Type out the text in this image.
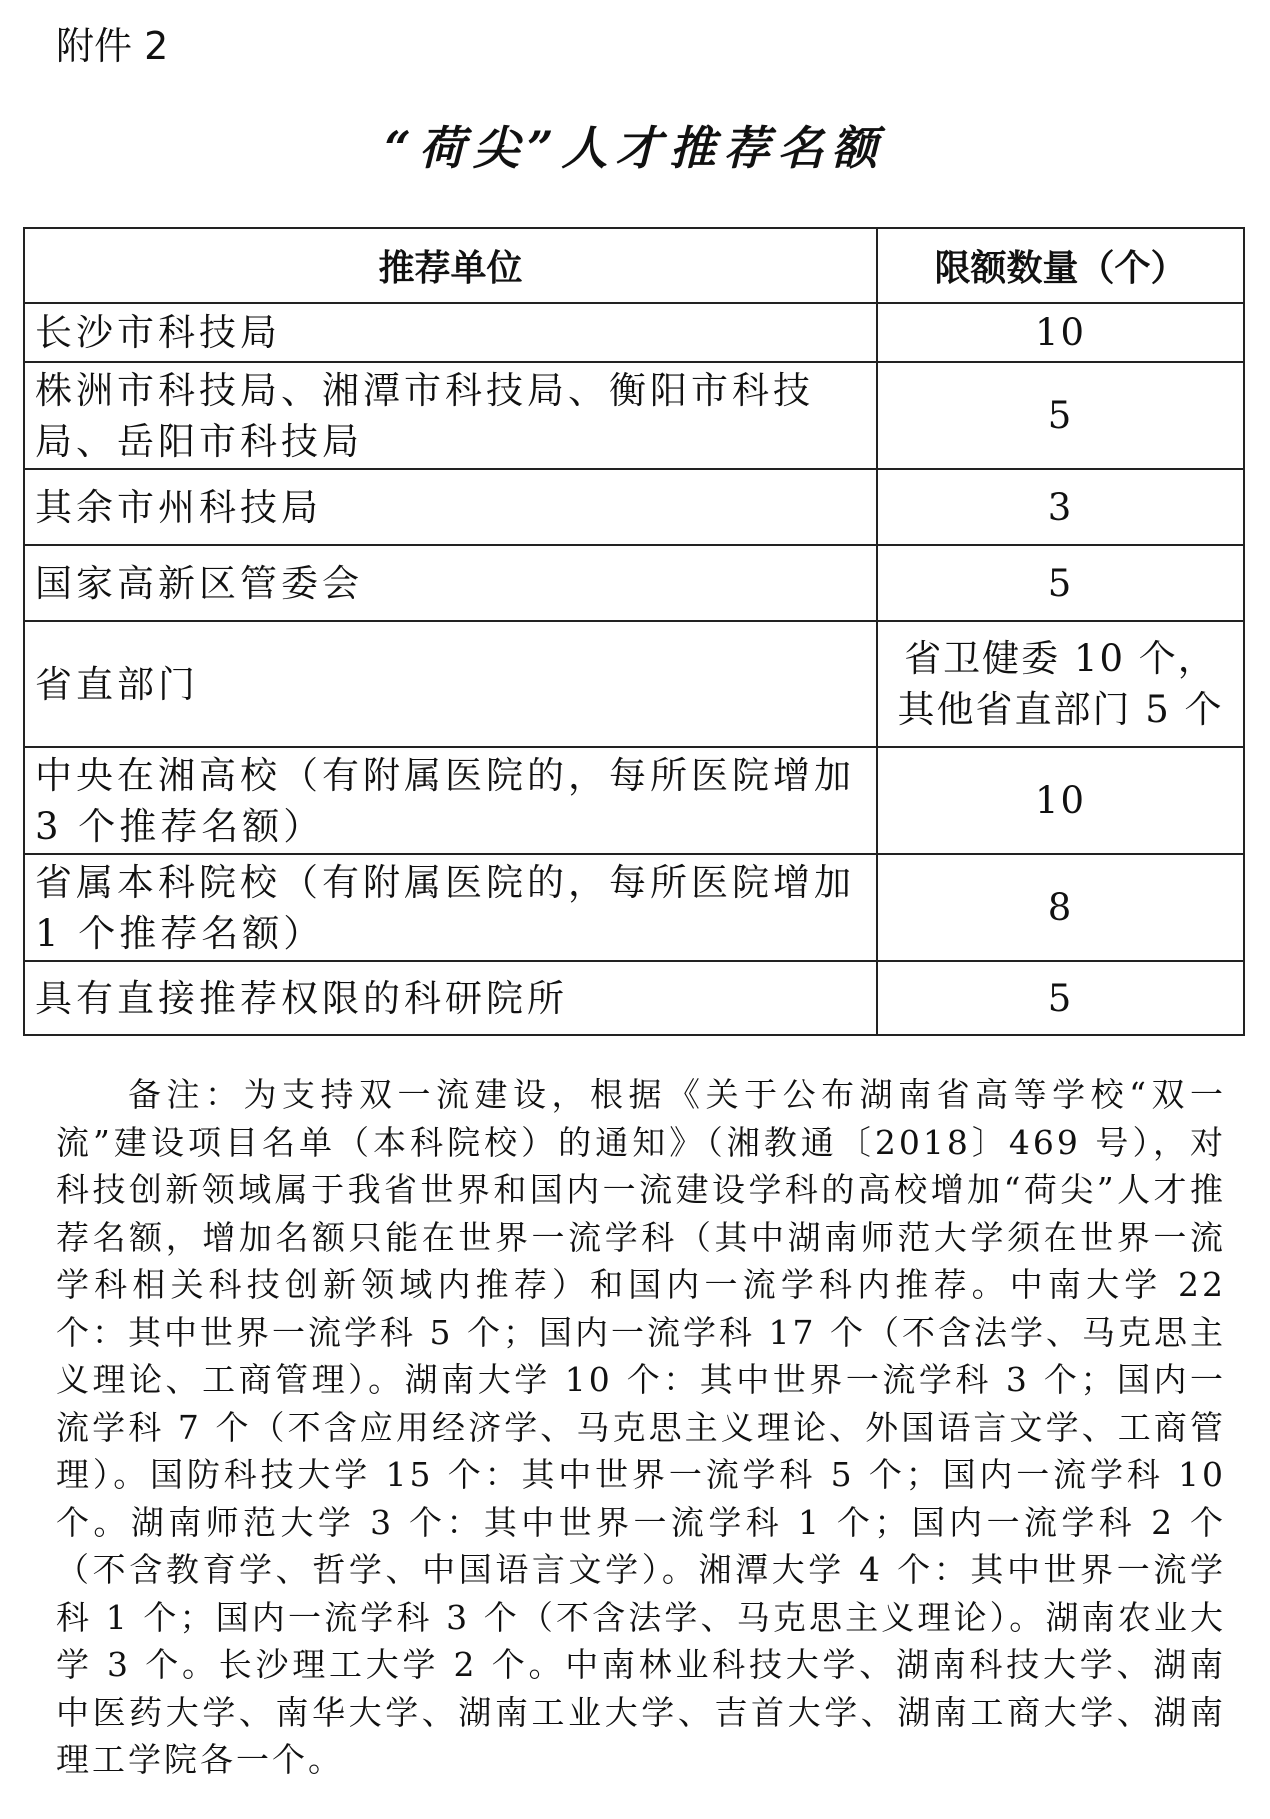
附件 2
“荷尖”人才推荐名额
推荐单位	限额数量（个）
长沙市科技局	10
株洲市科技局、湘潭市科技局、衡阳市科技局、岳阳市科技局	5
其余市州科技局	3
国家高新区管委会	5
省直部门	省卫健委 10 个，其他省直部门 5 个
中央在湘高校（有附属医院的，每所医院增加 3 个推荐名额）	10
省属本科院校（有附属医院的，每所医院增加 1 个推荐名额）	8
具有直接推荐权限的科研院所	5

备注：为支持双一流建设，根据《关于公布湖南省高等学校“双一流”建设项目名单（本科院校）的通知》（湘教通〔2018〕469 号），对科技创新领域属于我省世界和国内一流建设学科的高校增加“荷尖”人才推荐名额，增加名额只能在世界一流学科（其中湖南师范大学须在世界一流学科相关科技创新领域内推荐）和国内一流学科内推荐。中南大学 22 个：其中世界一流学科 5 个；国内一流学科 17 个（不含法学、马克思主义理论、工商管理）。湖南大学 10 个：其中世界一流学科 3 个；国内一流学科 7 个（不含应用经济学、马克思主义理论、外国语言文学、工商管理）。国防科技大学 15 个：其中世界一流学科 5 个；国内一流学科 10 个。湖南师范大学 3 个：其中世界一流学科 1 个；国内一流学科 2 个（不含教育学、哲学、中国语言文学）。湘潭大学 4 个：其中世界一流学科 1 个；国内一流学科 3 个（不含法学、马克思主义理论）。湖南农业大学 3 个。长沙理工大学 2 个。中南林业科技大学、湖南科技大学、湖南中医药大学、南华大学、湖南工业大学、吉首大学、湖南工商大学、湖南理工学院各一个。
